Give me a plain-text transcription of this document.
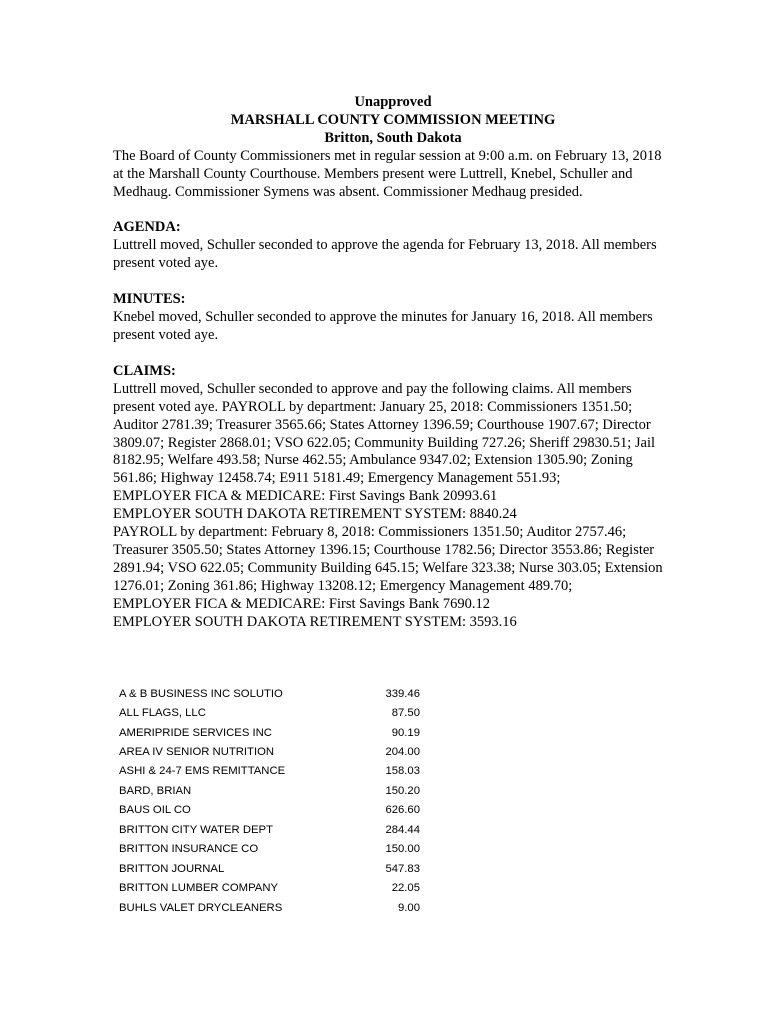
Unapproved
MARSHALL COUNTY COMMISSION MEETING
Britton, South Dakota

The Board of County Commissioners met in regular session at 9:00 a.m. on February 13, 2018 at the Marshall County Courthouse. Members present were Luttrell, Knebel, Schuller and Medhaug. Commissioner Symens was absent. Commissioner Medhaug presided.

AGENDA:

Luttrell moved, Schuller seconded to approve the agenda for February 13, 2018. All members present voted aye.

MINUTES:

Knebel moved, Schuller seconded to approve the minutes for January 16, 2018. All members present voted aye.

CLAIMS:

Luttrell moved, Schuller seconded to approve and pay the following claims. All members present voted aye. PAYROLL by department: January 25, 2018: Commissioners 1351.50; Auditor 2781.39; Treasurer 3565.66; States Attorney 1396.59; Courthouse 1907.67; Director 3809.07; Register 2868.01; VSO 622.05; Community Building 727.26; Sheriff 29830.51; Jail 8182.95; Welfare 493.58; Nurse 462.55; Ambulance 9347.02; Extension 1305.90; Zoning 561.86; Highway 12458.74; E911 5181.49; Emergency Management 551.93;

EMPLOYER FICA & MEDICARE: First Savings Bank 20993.61

EMPLOYER SOUTH DAKOTA RETIREMENT SYSTEM: 8840.24

PAYROLL by department: February 8, 2018: Commissioners 1351.50; Auditor 2757.46; Treasurer 3505.50; States Attorney 1396.15; Courthouse 1782.56; Director 3553.86; Register 2891.94; VSO 622.05; Community Building 645.15; Welfare 323.38; Nurse 303.05; Extension 1276.01; Zoning 361.86; Highway 13208.12; Emergency Management 489.70;

EMPLOYER FICA & MEDICARE: First Savings Bank 7690.12

EMPLOYER SOUTH DAKOTA RETIREMENT SYSTEM: 3593.16

A & B BUSINESS INC SOLUTIO	339.46
ALL FLAGS, LLC	87.50
AMERIPRIDE SERVICES INC	90.19
AREA IV SENIOR NUTRITION	204.00
ASHI & 24-7 EMS REMITTANCE	158.03
BARD, BRIAN	150.20
BAUS OIL CO	626.60
BRITTON CITY WATER DEPT	284.44
BRITTON INSURANCE CO	150.00
BRITTON JOURNAL	547.83
BRITTON LUMBER COMPANY	22.05
BUHLS VALET DRYCLEANERS	9.00
